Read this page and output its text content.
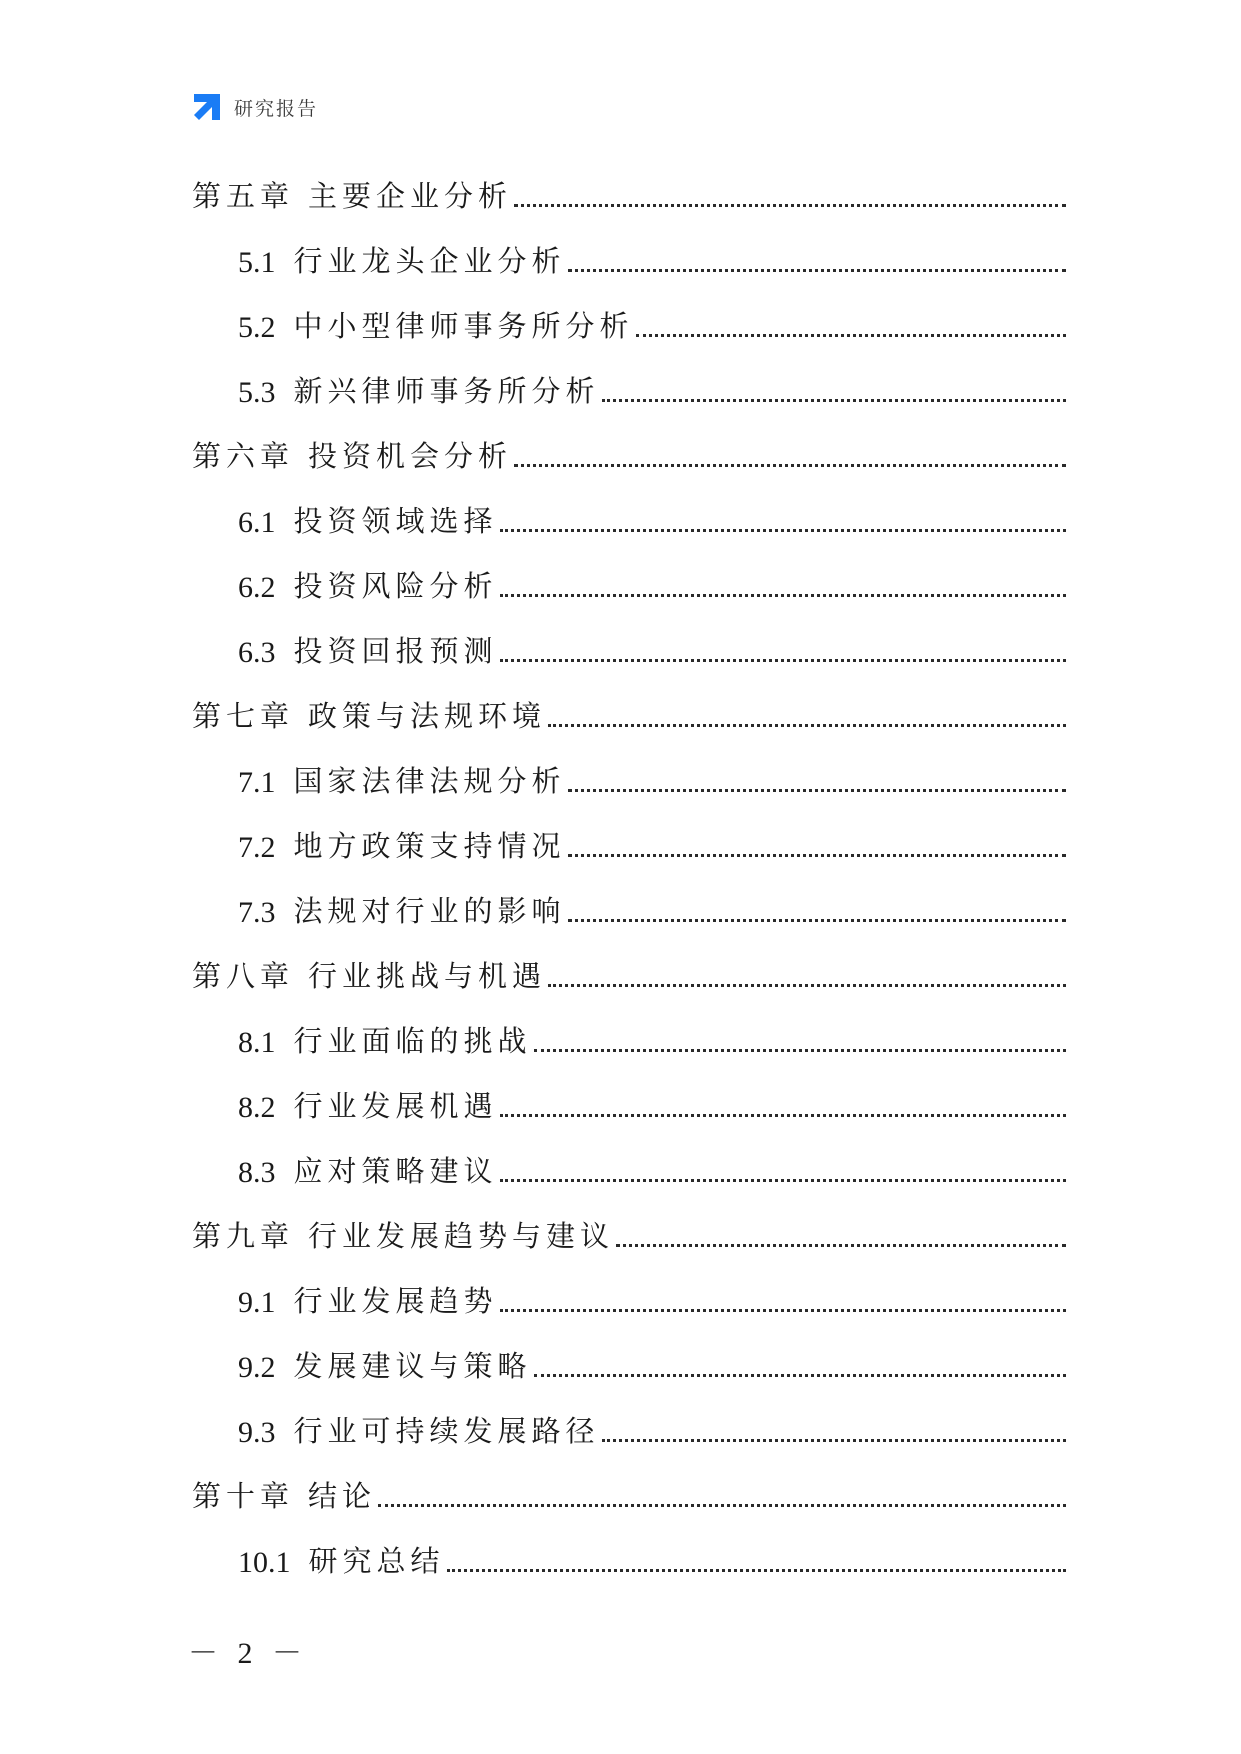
研究报告
第五章 主要企业分析
5.1 行业龙头企业分析
5.2 中小型律师事务所分析
5.3 新兴律师事务所分析
第六章 投资机会分析
6.1 投资领域选择
6.2 投资风险分析
6.3 投资回报预测
第七章 政策与法规环境
7.1 国家法律法规分析
7.2 地方政策支持情况
7.3 法规对行业的影响
第八章 行业挑战与机遇
8.1 行业面临的挑战
8.2 行业发展机遇
8.3 应对策略建议
第九章 行业发展趋势与建议
9.1 行业发展趋势
9.2 发展建议与策略
9.3 行业可持续发展路径
第十章 结论
10.1 研究总结
－ 2 －
